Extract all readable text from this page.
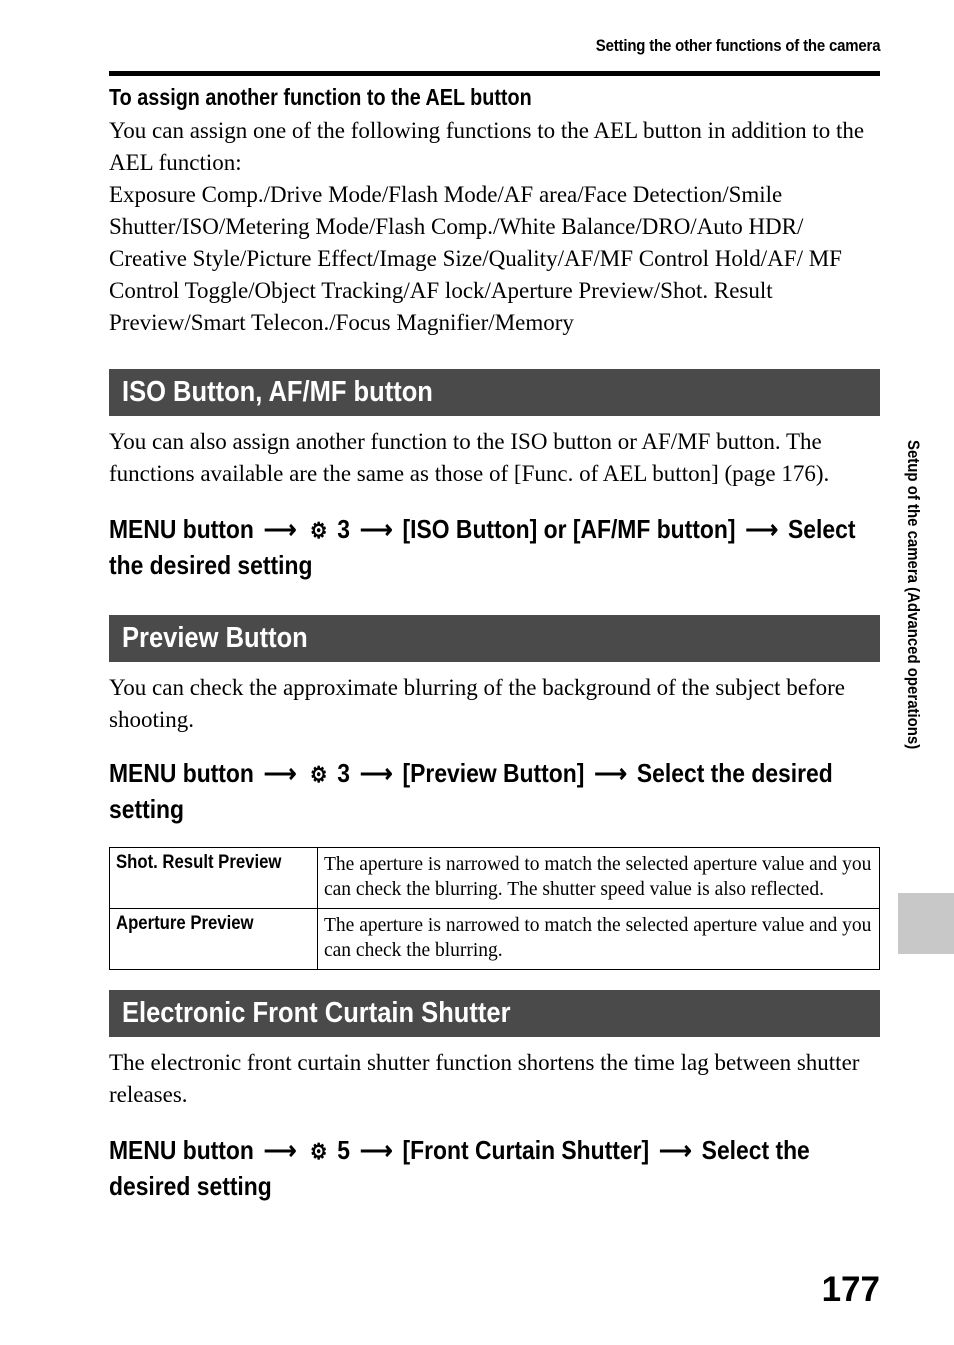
Setting the other functions of the camera
To assign another function to the AEL button

You can assign one of the following functions to the AEL button in addition to the AEL function:

Exposure Comp./Drive Mode/Flash Mode/AF area/Face Detection/Smile Shutter/ISO/Metering Mode/Flash Comp./White Balance/DRO/Auto HDR/ Creative Style/Picture Effect/Image Size/Quality/AF/MF Control Hold/AF/ MF Control Toggle/Object Tracking/AF lock/Aperture Preview/Shot. Result Preview/Smart Telecon./Focus Magnifier/Memory

ISO Button, AF/MF button

You can also assign another function to the ISO button or AF/MF button. The functions available are the same as those of [Func. of AEL button] (page 176).

MENU button ⟶ ⚙ 3 ⟶ [ISO Button] or [AF/MF button] ⟶ Select the desired setting
Preview Button

You can check the approximate blurring of the background of the subject before shooting.

MENU button ⟶ ⚙ 3 ⟶ [Preview Button] ⟶ Select the desired setting
Shot. Result Preview	The aperture is narrowed to match the selected aperture value and you can check the blurring. The shutter speed value is also reflected.
Aperture Preview	The aperture is narrowed to match the selected aperture value and you can check the blurring.
Electronic Front Curtain Shutter

The electronic front curtain shutter function shortens the time lag between shutter releases.

MENU button ⟶ ⚙ 5 ⟶ [Front Curtain Shutter] ⟶ Select the desired setting
Setup of the camera (Advanced operations)
177
